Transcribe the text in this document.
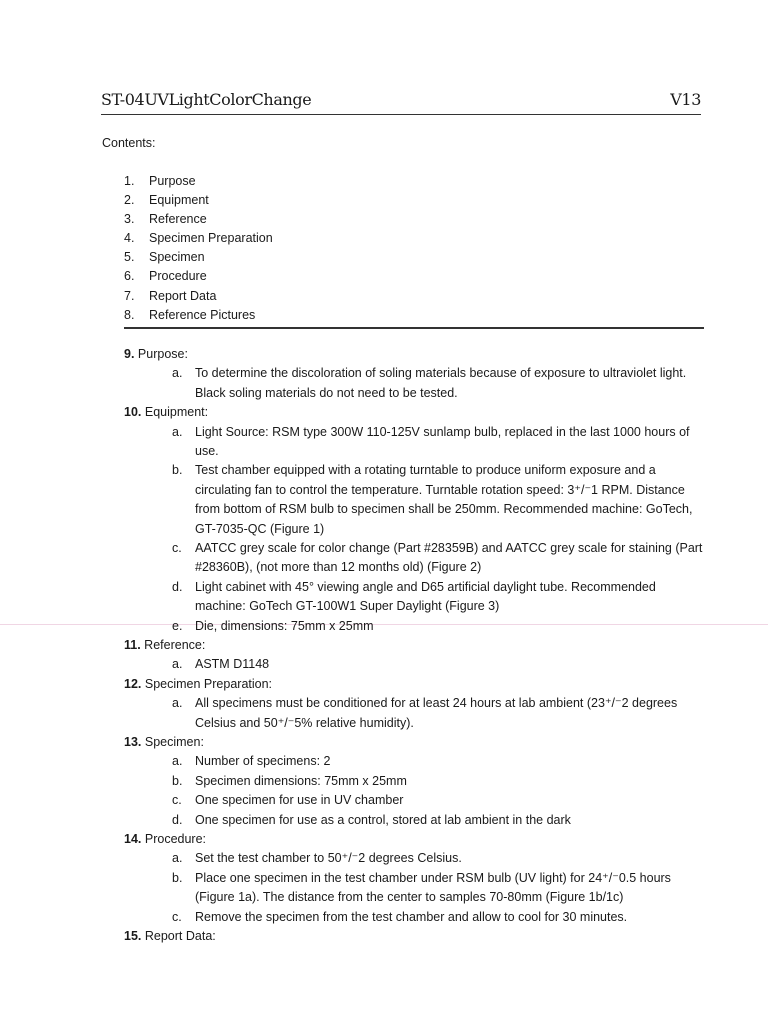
ST-04UVLightColorChange	V13
Contents:
1.	Purpose
2.	Equipment
3.	Reference
4.	Specimen Preparation
5.	Specimen
6.	Procedure
7.	Report Data
8.	Reference Pictures
9. Purpose:
a. To determine the discoloration of soling materials because of exposure to ultraviolet light. Black soling materials do not need to be tested.
10. Equipment:
a. Light Source: RSM type 300W 110-125V sunlamp bulb, replaced in the last 1000 hours of use.
b. Test chamber equipped with a rotating turntable to produce uniform exposure and a circulating fan to control the temperature. Turntable rotation speed: 3⁺/⁻1 RPM. Distance from bottom of RSM bulb to specimen shall be 250mm. Recommended machine: GoTech, GT-7035-QC (Figure 1)
c. AATCC grey scale for color change (Part #28359B) and AATCC grey scale for staining (Part #28360B), (not more than 12 months old) (Figure 2)
d. Light cabinet with 45° viewing angle and D65 artificial daylight tube. Recommended machine: GoTech GT-100W1 Super Daylight (Figure 3)
e. Die, dimensions: 75mm x 25mm
11. Reference:
a. ASTM D1148
12. Specimen Preparation:
a. All specimens must be conditioned for at least 24 hours at lab ambient (23⁺/⁻2 degrees Celsius and 50⁺/⁻5% relative humidity).
13. Specimen:
a. Number of specimens: 2
b. Specimen dimensions: 75mm x 25mm
c. One specimen for use in UV chamber
d. One specimen for use as a control, stored at lab ambient in the dark
14. Procedure:
a. Set the test chamber to 50⁺/⁻2 degrees Celsius.
b. Place one specimen in the test chamber under RSM bulb (UV light) for 24⁺/⁻0.5 hours (Figure 1a). The distance from the center to samples 70-80mm (Figure 1b/1c)
c. Remove the specimen from the test chamber and allow to cool for 30 minutes.
15. Report Data:
